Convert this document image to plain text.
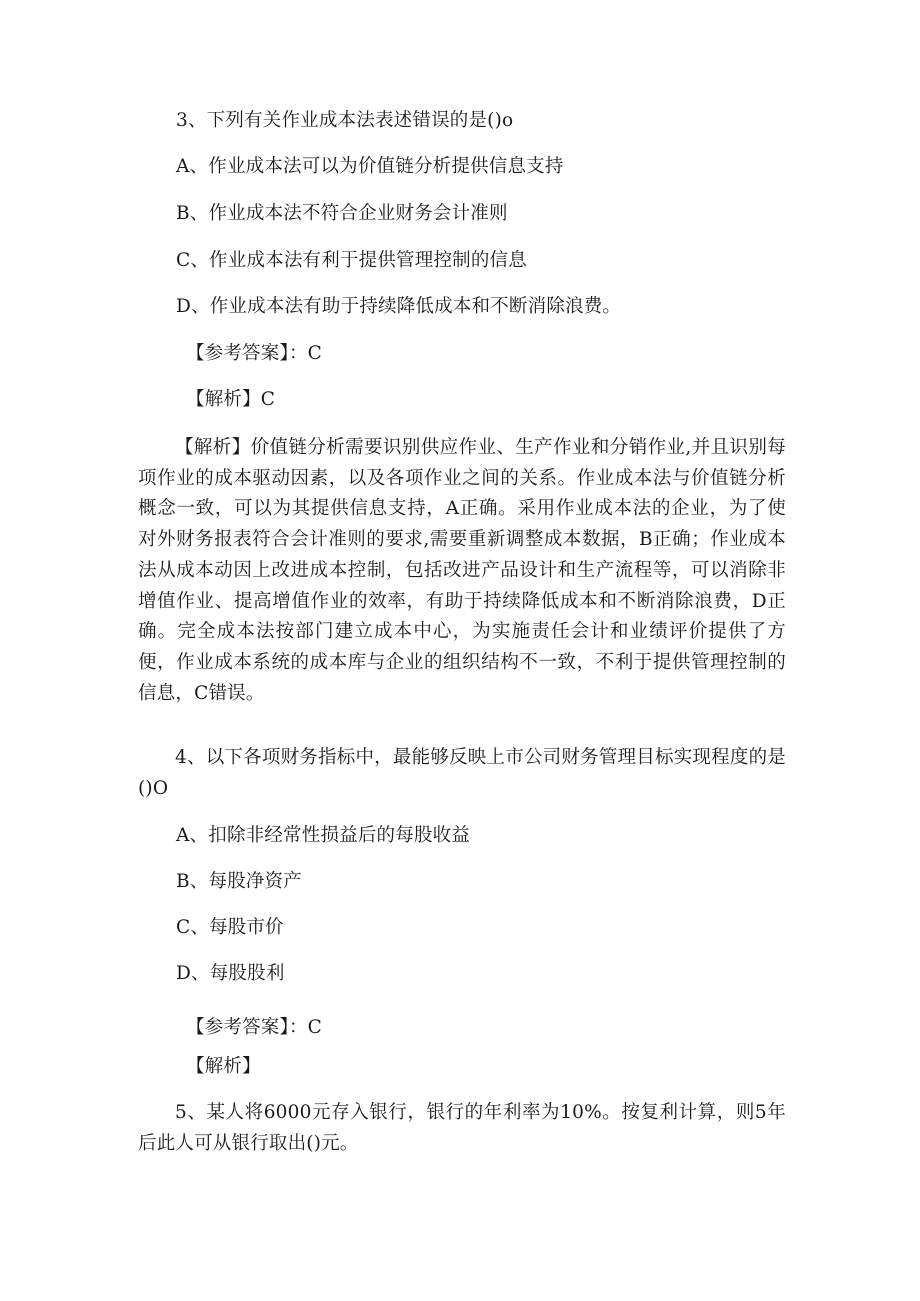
3、下列有关作业成本法表述错误的是()o
A、作业成本法可以为价值链分析提供信息支持
B、作业成本法不符合企业财务会计准则
C、作业成本法有利于提供管理控制的信息
D、作业成本法有助于持续降低成本和不断消除浪费。
【参考答案】：C
【解析】C
【解析】价值链分析需要识别供应作业、生产作业和分销作业,并且识别每项作业的成本驱动因素，以及各项作业之间的关系。作业成本法与价值链分析概念一致，可以为其提供信息支持，A正确。采用作业成本法的企业，为了使对外财务报表符合会计准则的要求,需要重新调整成本数据，B正确；作业成本法从成本动因上改进成本控制，包括改进产品设计和生产流程等，可以消除非增值作业、提高增值作业的效率，有助于持续降低成本和不断消除浪费，D正确。完全成本法按部门建立成本中心，为实施责任会计和业绩评价提供了方便，作业成本系统的成本库与企业的组织结构不一致，不利于提供管理控制的信息，C错误。
4、以下各项财务指标中，最能够反映上市公司财务管理目标实现程度的是()O
A、扣除非经常性损益后的每股收益
B、每股净资产
C、每股市价
D、每股股利
【参考答案】：C
【解析】
5、某人将6000元存入银行，银行的年利率为10%。按复利计算，则5年后此人可从银行取出()元。
